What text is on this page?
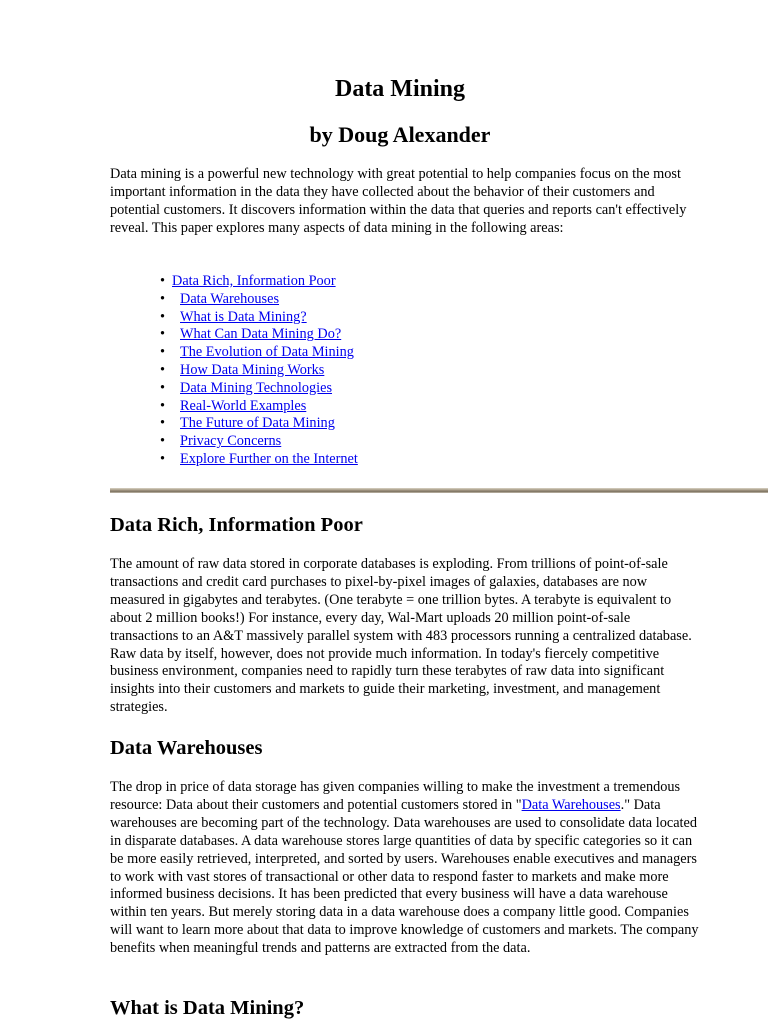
Data Mining
by Doug Alexander

Data mining is a powerful new technology with great potential to help companies focus on the most important information in the data they have collected about the behavior of their customers and potential customers. It discovers information within the data that queries and reports can't effectively reveal. This paper explores many aspects of data mining in the following areas:

• Data Rich, Information Poor
• Data Warehouses
• What is Data Mining?
• What Can Data Mining Do?
• The Evolution of Data Mining
• How Data Mining Works
• Data Mining Technologies
• Real-World Examples
• The Future of Data Mining
• Privacy Concerns
• Explore Further on the Internet
Data Rich, Information Poor

The amount of raw data stored in corporate databases is exploding. From trillions of point-of-sale transactions and credit card purchases to pixel-by-pixel images of galaxies, databases are now measured in gigabytes and terabytes. (One terabyte = one trillion bytes. A terabyte is equivalent to about 2 million books!) For instance, every day, Wal-Mart uploads 20 million point-of-sale transactions to an A&T massively parallel system with 483 processors running a centralized database. Raw data by itself, however, does not provide much information. In today's fiercely competitive business environment, companies need to rapidly turn these terabytes of raw data into significant insights into their customers and markets to guide their marketing, investment, and management strategies.

Data Warehouses

The drop in price of data storage has given companies willing to make the investment a tremendous resource: Data about their customers and potential customers stored in "Data Warehouses." Data warehouses are becoming part of the technology. Data warehouses are used to consolidate data located in disparate databases. A data warehouse stores large quantities of data by specific categories so it can be more easily retrieved, interpreted, and sorted by users. Warehouses enable executives and managers to work with vast stores of transactional or other data to respond faster to markets and make more informed business decisions. It has been predicted that every business will have a data warehouse within ten years. But merely storing data in a data warehouse does a company little good. Companies will want to learn more about that data to improve knowledge of customers and markets. The company benefits when meaningful trends and patterns are extracted from the data.

What is Data Mining?
